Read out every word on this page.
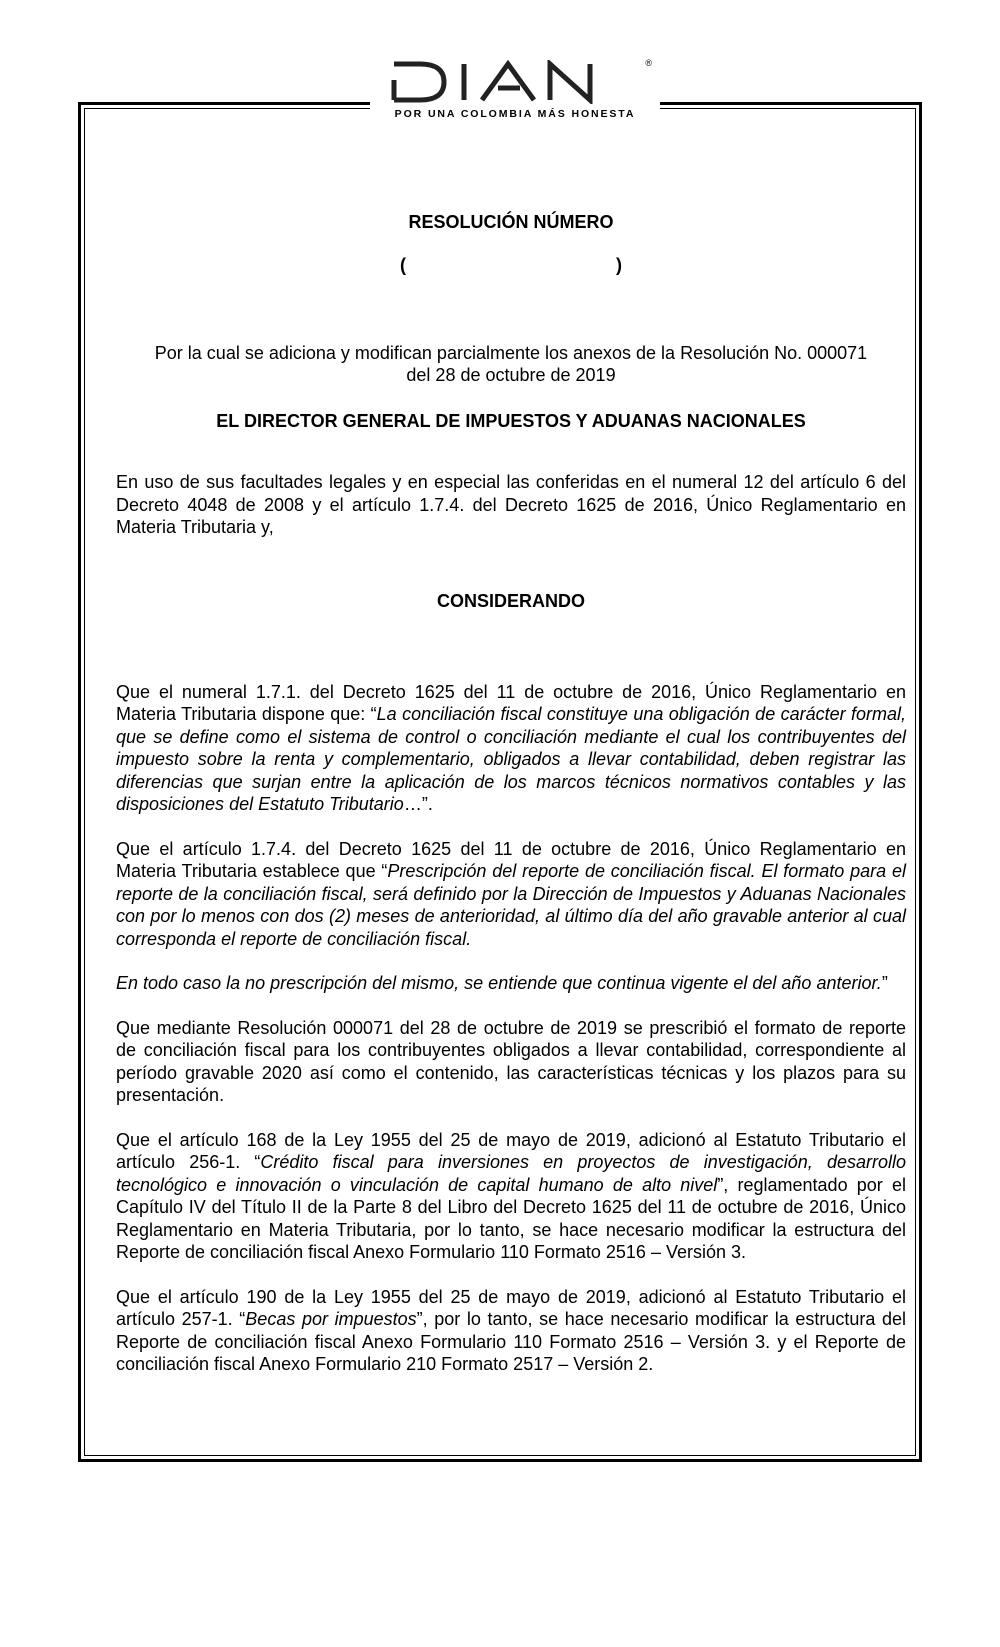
®
POR UNA COLOMBIA MÁS HONESTA
RESOLUCIÓN NÚMERO
(      )
Por la cual se adiciona y modifican parcialmente los anexos de la Resolución No. 000071
del 28 de octubre de 2019
EL DIRECTOR GENERAL DE IMPUESTOS Y ADUANAS NACIONALES

En uso de sus facultades legales y en especial las conferidas en el numeral 12 del artículo 6 del Decreto 4048 de 2008 y el artículo 1.7.4. del Decreto 1625 de 2016, Único Reglamentario en Materia Tributaria y,

CONSIDERANDO

Que el numeral 1.7.1. del Decreto 1625 del 11 de octubre de 2016, Único Reglamentario en Materia Tributaria dispone que: “La conciliación fiscal constituye una obligación de carácter formal, que se define como el sistema de control o conciliación mediante el cual los contribuyentes del impuesto sobre la renta y complementario, obligados a llevar contabilidad, deben registrar las diferencias que surjan entre la aplicación de los marcos técnicos normativos contables y las disposiciones del Estatuto Tributario…”.

Que el artículo 1.7.4. del Decreto 1625 del 11 de octubre de 2016, Único Reglamentario en Materia Tributaria establece que “Prescripción del reporte de conciliación fiscal. El formato para el reporte de la conciliación fiscal, será definido por la Dirección de Impuestos y Aduanas Nacionales con por lo menos con dos (2) meses de anterioridad, al último día del año gravable anterior al cual corresponda el reporte de conciliación fiscal.

En todo caso la no prescripción del mismo, se entiende que continua vigente el del año anterior.”

Que mediante Resolución 000071 del 28 de octubre de 2019 se prescribió el formato de reporte de conciliación fiscal para los contribuyentes obligados a llevar contabilidad, correspondiente al período gravable 2020 así como el contenido, las características técnicas y los plazos para su presentación.

Que el artículo 168 de la Ley 1955 del 25 de mayo de 2019, adicionó al Estatuto Tributario el artículo 256-1. “Crédito fiscal para inversiones en proyectos de investigación, desarrollo tecnológico e innovación o vinculación de capital humano de alto nivel”, reglamentado por el Capítulo IV del Título II de la Parte 8 del Libro del Decreto 1625 del 11 de octubre de 2016, Único Reglamentario en Materia Tributaria, por lo tanto, se hace necesario modificar la estructura del Reporte de conciliación fiscal Anexo Formulario 110 Formato 2516 – Versión 3.

Que el artículo 190 de la Ley 1955 del 25 de mayo de 2019, adicionó al Estatuto Tributario el artículo 257-1. “Becas por impuestos”, por lo tanto, se hace necesario modificar la estructura del Reporte de conciliación fiscal Anexo Formulario 110 Formato 2516 – Versión 3. y el Reporte de conciliación fiscal Anexo Formulario 210 Formato 2517 – Versión 2.
